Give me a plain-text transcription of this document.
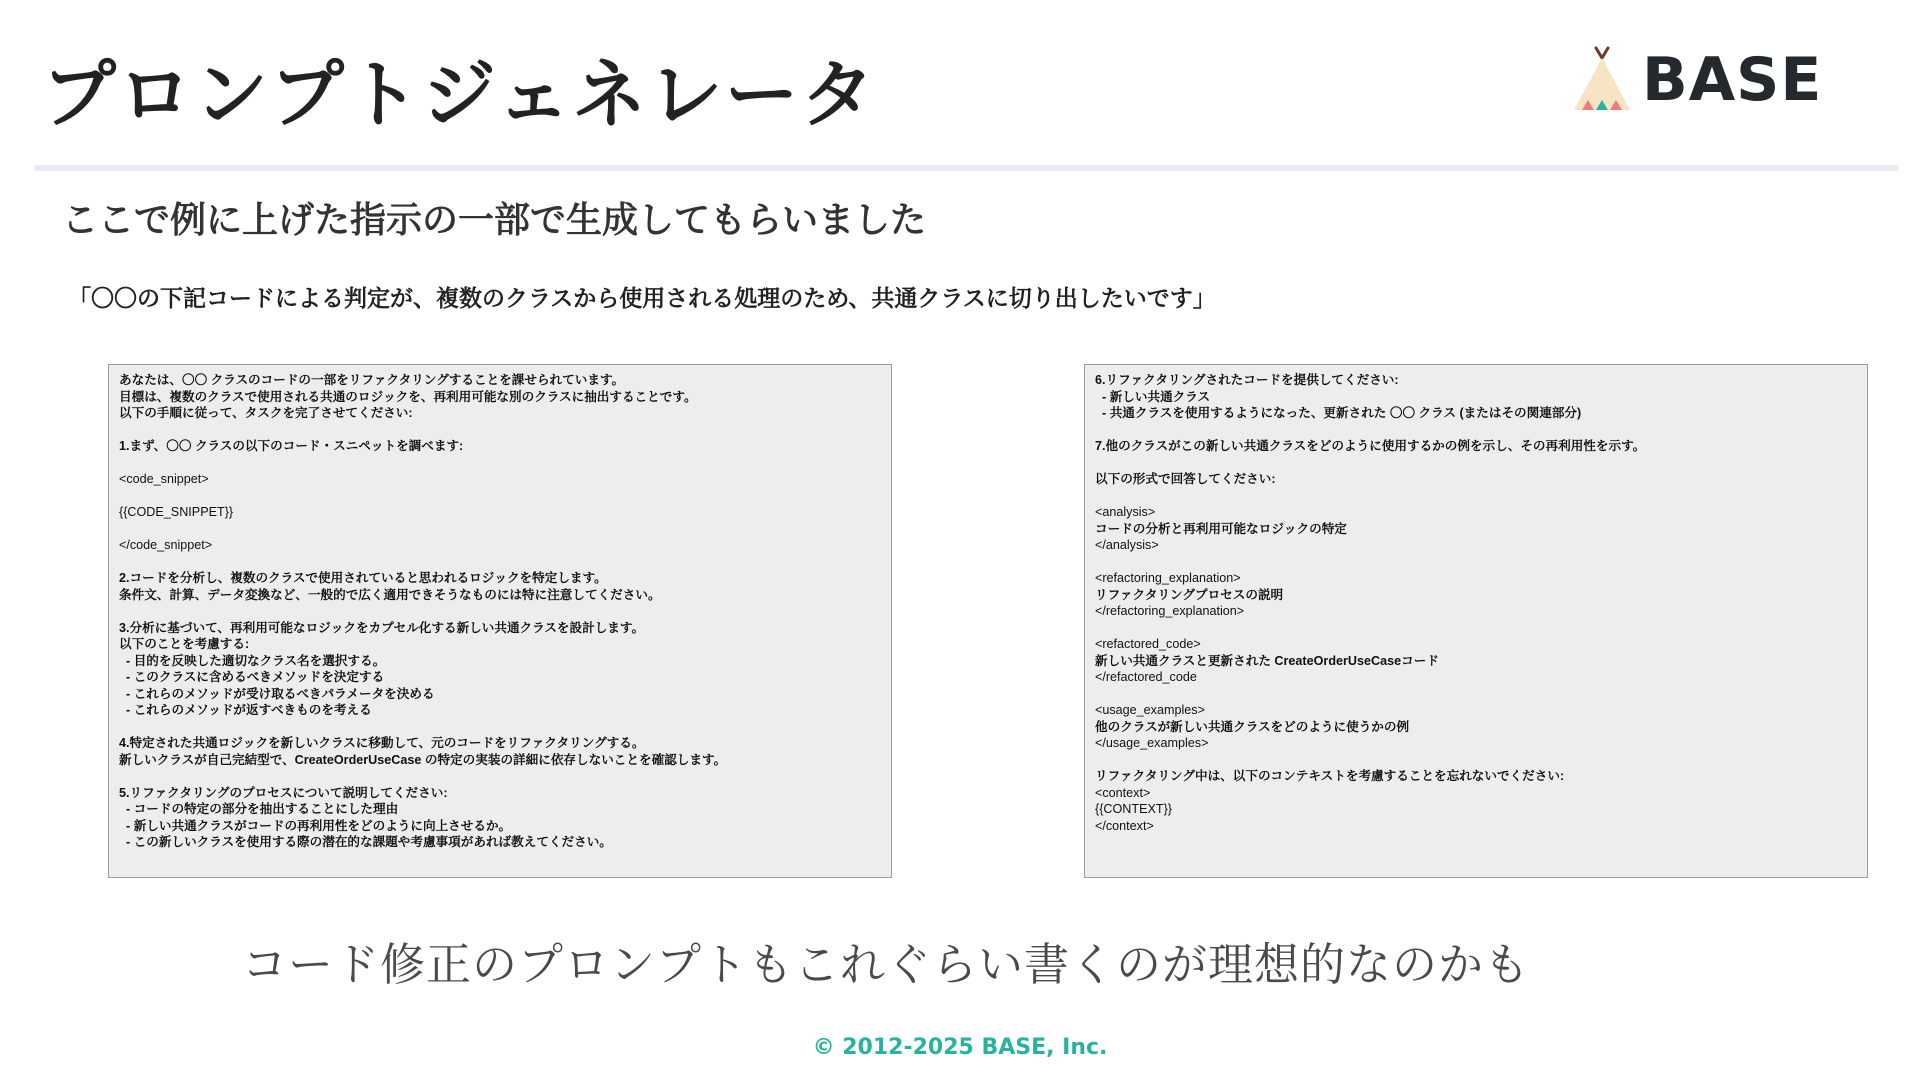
プロンプトジェネレータ	BASE
ここで例に上げた指示の一部で生成してもらいました
「〇〇の下記コードによる判定が、複数のクラスから使用される処理のため、共通クラスに切り出したいです」
あなたは、〇〇 クラスのコードの一部をリファクタリングすることを課せられています。
目標は、複数のクラスで使用される共通のロジックを、再利用可能な別のクラスに抽出することです。
以下の手順に従って、タスクを完了させてください:
1.まず、〇〇 クラスの以下のコード・スニペットを調べます:
<code_snippet>
{{CODE_SNIPPET}}
</code_snippet>
2.コードを分析し、複数のクラスで使用されていると思われるロジックを特定します。
条件文、計算、データ変換など、一般的で広く適用できそうなものには特に注意してください。
3.分析に基づいて、再利用可能なロジックをカプセル化する新しい共通クラスを設計します。
以下のことを考慮する:
- 目的を反映した適切なクラス名を選択する。
- このクラスに含めるべきメソッドを決定する
- これらのメソッドが受け取るべきパラメータを決める
- これらのメソッドが返すべきものを考える
4.特定された共通ロジックを新しいクラスに移動して、元のコードをリファクタリングする。
新しいクラスが自己完結型で、CreateOrderUseCase の特定の実装の詳細に依存しないことを確認します。
5.リファクタリングのプロセスについて説明してください:
- コードの特定の部分を抽出することにした理由
- 新しい共通クラスがコードの再利用性をどのように向上させるか。
- この新しいクラスを使用する際の潜在的な課題や考慮事項があれば教えてください。
6.リファクタリングされたコードを提供してください:
- 新しい共通クラス
- 共通クラスを使用するようになった、更新された 〇〇 クラス (またはその関連部分)
7.他のクラスがこの新しい共通クラスをどのように使用するかの例を示し、その再利用性を示す。
以下の形式で回答してください:
<analysis>
コードの分析と再利用可能なロジックの特定
</analysis>
<refactoring_explanation>
リファクタリングプロセスの説明
</refactoring_explanation>
<refactored_code>
新しい共通クラスと更新された CreateOrderUseCaseコード
</refactored_code
<usage_examples>
他のクラスが新しい共通クラスをどのように使うかの例
</usage_examples>
リファクタリング中は、以下のコンテキストを考慮することを忘れないでください:
<context>
{{CONTEXT}}
</context>
コード修正のプロンプトもこれぐらい書くのが理想的なのかも
© 2012-2025 BASE, Inc.
